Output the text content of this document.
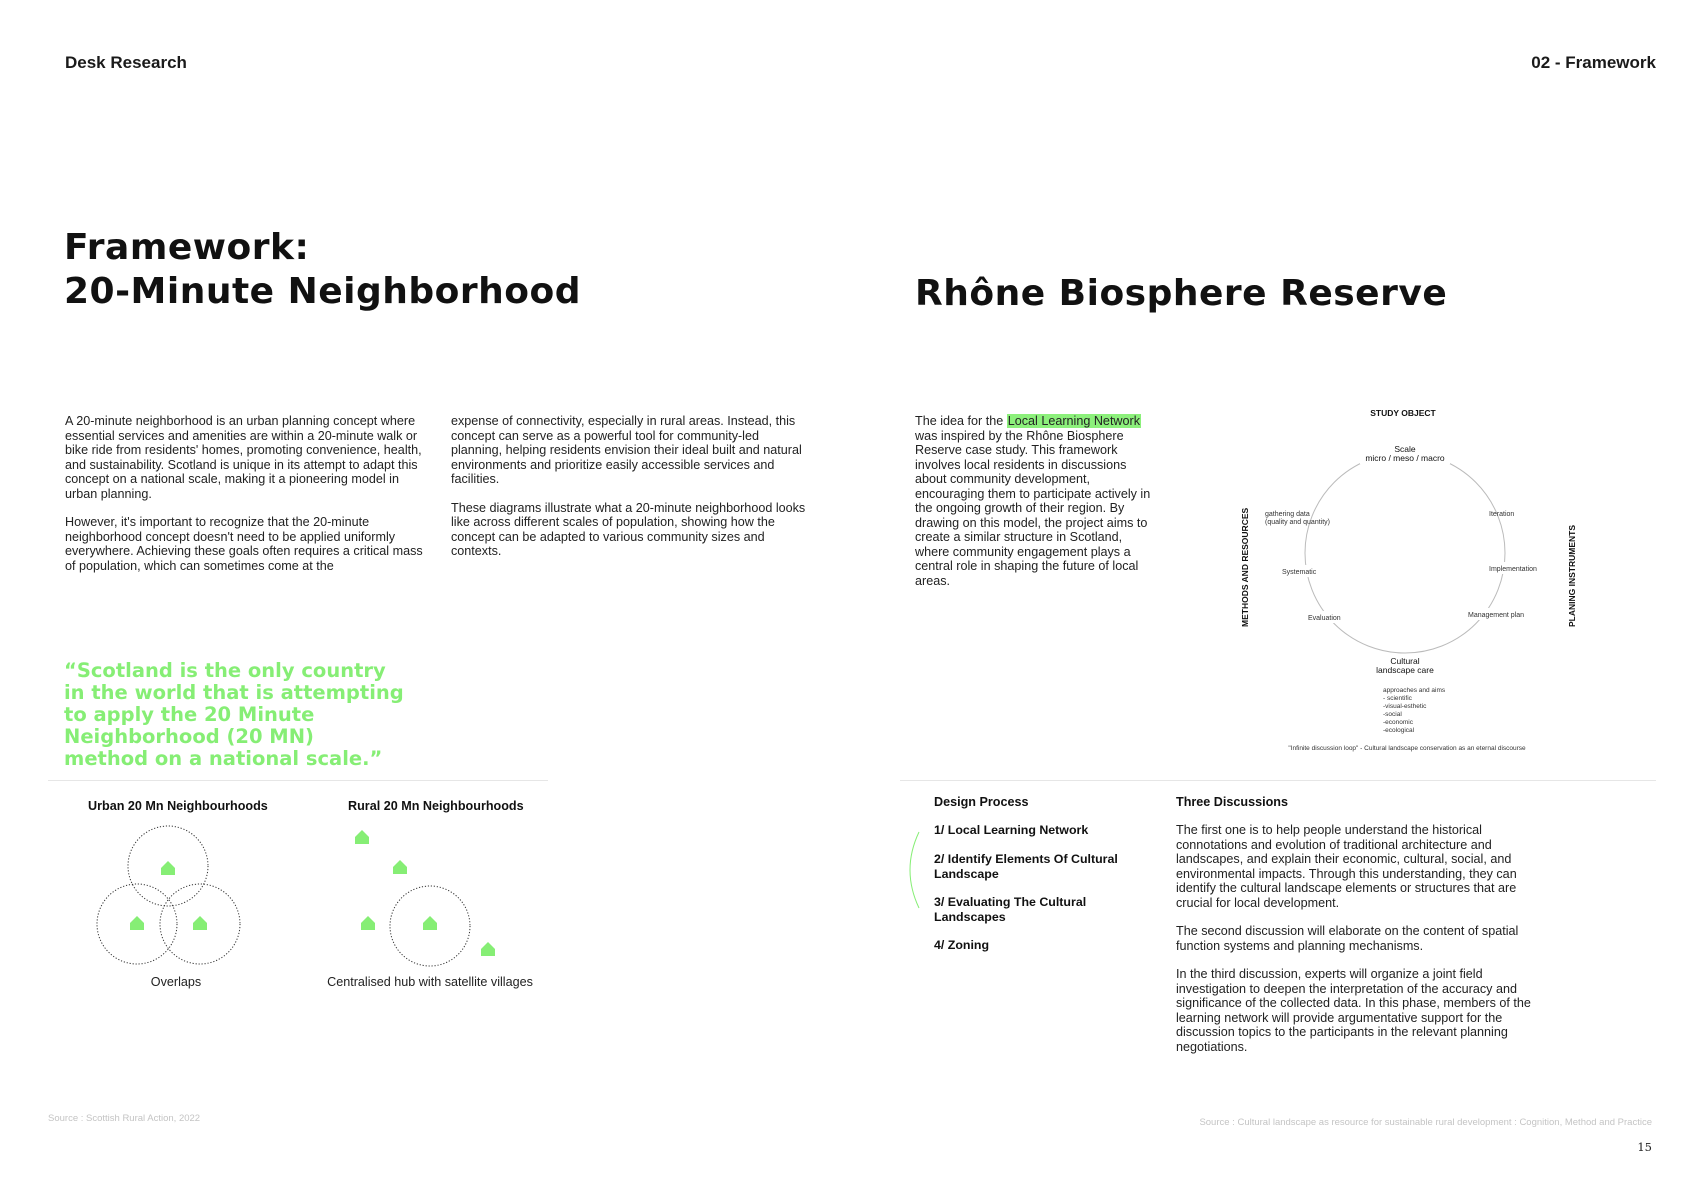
Desk Research	02 - Framework
Framework:
20-Minute Neighborhood

A 20-minute neighborhood is an urban planning concept where essential services and amenities are within a 20-minute walk or bike ride from residents' homes, promoting convenience, health, and sustainability. Scotland is unique in its attempt to adapt this concept on a national scale, making it a pioneering model in urban planning.

However, it's important to recognize that the 20-minute neighborhood concept doesn't need to be applied uniformly everywhere. Achieving these goals often requires a critical mass of population, which can sometimes come at the

expense of connectivity, especially in rural areas. Instead, this concept can serve as a powerful tool for community-led planning, helping residents envision their ideal built and natural environments and prioritize easily accessible services and facilities.

These diagrams illustrate what a 20-minute neighborhood looks like across different scales of population, showing how the concept can be adapted to various community sizes and contexts.

“Scotland is the only country in the world that is attempting to apply the 20 Minute Neighborhood (20 MN) method on a national scale.”
Urban 20 Mn Neighbourhoods	Rural 20 Mn Neighbourhoods
Overlaps	Centralised hub with satellite villages
Source : Scottish Rural Action, 2022
Rhône Biosphere Reserve
The idea for the Local Learning Network was inspired by the Rhône Biosphere Reserve case study. This framework involves local residents in discussions about community development, encouraging them to participate actively in the ongoing growth of their region. By drawing on this model, the project aims to create a similar structure in Scotland, where community engagement plays a central role in shaping the future of local areas.
STUDY OBJECT
Scale
micro / meso / macro
gathering data
(quality and quantity)
Iteration
Systematic	Implementation
Evaluation	Management plan
Cultural
landscape care
approaches and aims
- scientific
-visual-esthetic
-social
-economic
-ecological
METHODS AND RESOURCES	PLANING INSTRUMENTS
"Infinite discussion loop" - Cultural landscape conservation as an eternal discourse
Design Process
1/ Local Learning Network
2/ Identify Elements Of Cultural Landscape
3/ Evaluating The Cultural Landscapes
4/ Zoning
Three Discussions

The first one is to help people understand the historical connotations and evolution of traditional architecture and landscapes, and explain their economic, cultural, social, and environmental impacts. Through this understanding, they can identify the cultural landscape elements or structures that are crucial for local development.

The second discussion will elaborate on the content of spatial function systems and planning mechanisms.

In the third discussion, experts will organize a joint field investigation to deepen the interpretation of the accuracy and significance of the collected data. In this phase, members of the learning network will provide argumentative support for the discussion topics to the participants in the relevant planning negotiations.

Source : Cultural landscape as resource for sustainable rural development : Cognition, Method and Practice
15
